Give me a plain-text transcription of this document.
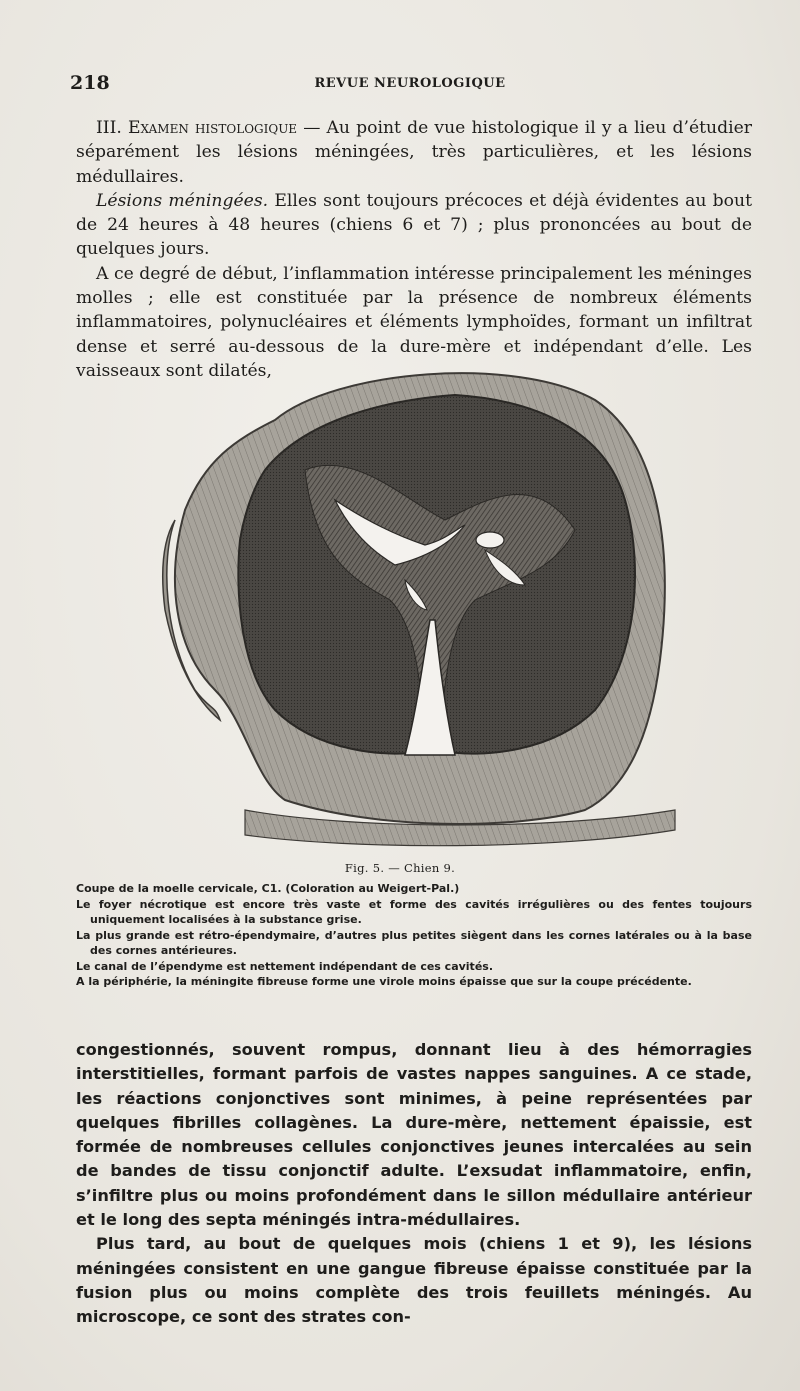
218	REVUE NEUROLOGIQUE

III. Examen histologique — Au point de vue histologique il y a lieu d’étudier séparément les lésions méningées, très particulières, et les lésions médullaires.

Lésions méningées. Elles sont toujours précoces et déjà évidentes au bout de 24 heures à 48 heures (chiens 6 et 7) ; plus prononcées au bout de quelques jours.

A ce degré de début, l’inflammation intéresse principalement les méninges molles ; elle est constituée par la présence de nombreux éléments inflammatoires, polynucléaires et éléments lymphoïdes, formant un infiltrat dense et serré au-dessous de la dure-mère et indépendant d’elle. Les vaisseaux sont dilatés,

Fig. 5. — Chien 9.
Coupe de la moelle cervicale, C1. (Coloration au Weigert-Pal.)
Le foyer nécrotique est encore très vaste et forme des cavités irrégulières ou des fentes toujours uniquement localisées à la substance grise.
La plus grande est rétro-épendymaire, d’autres plus petites siègent dans les cornes latérales ou à la base des cornes antérieures.
Le canal de l’épendyme est nettement indépendant de ces cavités.
A la périphérie, la méningite fibreuse forme une virole moins épaisse que sur la coupe précédente.

congestionnés, souvent rompus, donnant lieu à des hémorragies interstitielles, formant parfois de vastes nappes sanguines. A ce stade, les réactions conjonctives sont minimes, à peine représentées par quelques fibrilles collagènes. La dure-mère, nettement épaissie, est formée de nombreuses cellules conjonctives jeunes intercalées au sein de bandes de tissu conjonctif adulte. L’exsudat inflammatoire, enfin, s’infiltre plus ou moins profondément dans le sillon médullaire antérieur et le long des septa méningés intra-médullaires.

Plus tard, au bout de quelques mois (chiens 1 et 9), les lésions méningées consistent en une gangue fibreuse épaisse constituée par la fusion plus ou moins complète des trois feuillets méningés. Au microscope, ce sont des strates con-
